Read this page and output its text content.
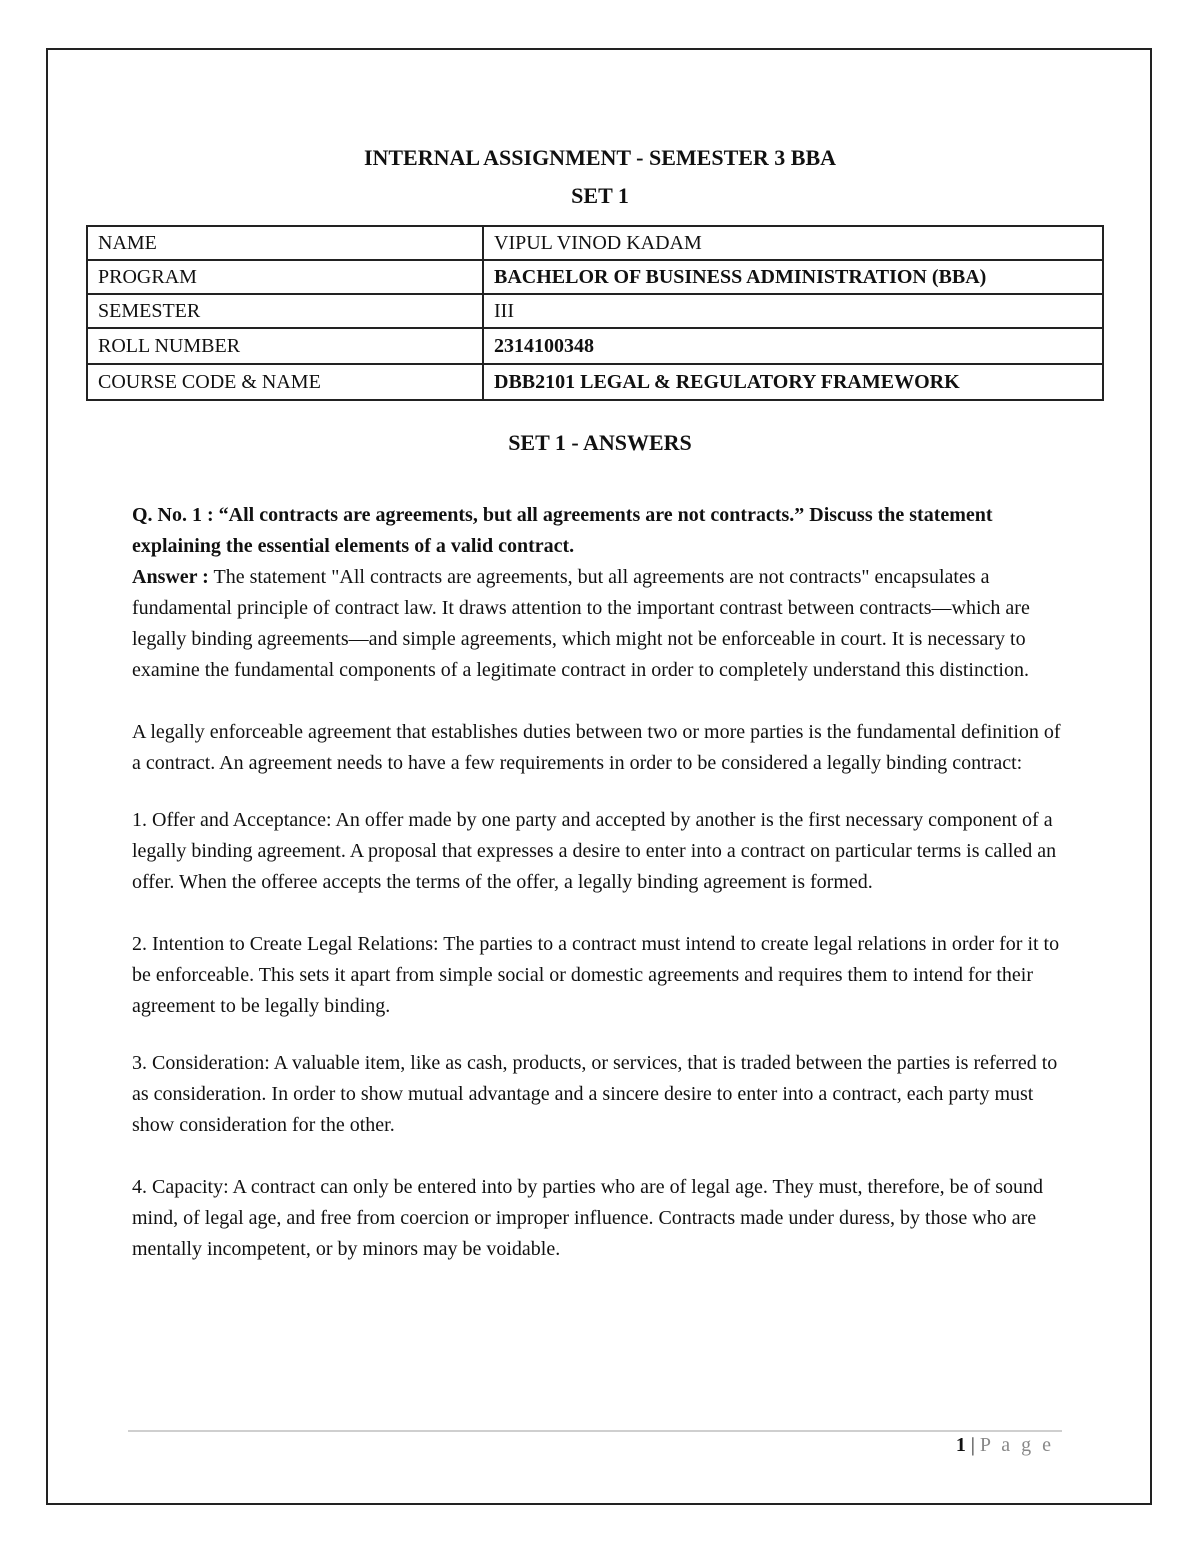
INTERNAL ASSIGNMENT - SEMESTER 3 BBA
SET 1
NAME	VIPUL VINOD KADAM
PROGRAM	BACHELOR OF BUSINESS ADMINISTRATION (BBA)
SEMESTER	III
ROLL NUMBER	2314100348
COURSE CODE & NAME	DBB2101 LEGAL & REGULATORY FRAMEWORK
SET 1 - ANSWERS

Q. No. 1 : “All contracts are agreements, but all agreements are not contracts.” Discuss the statement explaining the essential elements of a valid contract.

Answer : The statement "All contracts are agreements, but all agreements are not contracts" encapsulates a fundamental principle of contract law. It draws attention to the important contrast between contracts—which are legally binding agreements—and simple agreements, which might not be enforceable in court. It is necessary to examine the fundamental components of a legitimate contract in order to completely understand this distinction.

A legally enforceable agreement that establishes duties between two or more parties is the fundamental definition of a contract. An agreement needs to have a few requirements in order to be considered a legally binding contract:

1. Offer and Acceptance: An offer made by one party and accepted by another is the first necessary component of a legally binding agreement. A proposal that expresses a desire to enter into a contract on particular terms is called an offer. When the offeree accepts the terms of the offer, a legally binding agreement is formed.

2. Intention to Create Legal Relations: The parties to a contract must intend to create legal relations in order for it to be enforceable. This sets it apart from simple social or domestic agreements and requires them to intend for their agreement to be legally binding.

3. Consideration: A valuable item, like as cash, products, or services, that is traded between the parties is referred to as consideration. In order to show mutual advantage and a sincere desire to enter into a contract, each party must show consideration for the other.

4. Capacity: A contract can only be entered into by parties who are of legal age. They must, therefore, be of sound mind, of legal age, and free from coercion or improper influence. Contracts made under duress, by those who are mentally incompetent, or by minors may be voidable.

1 | P a g e
